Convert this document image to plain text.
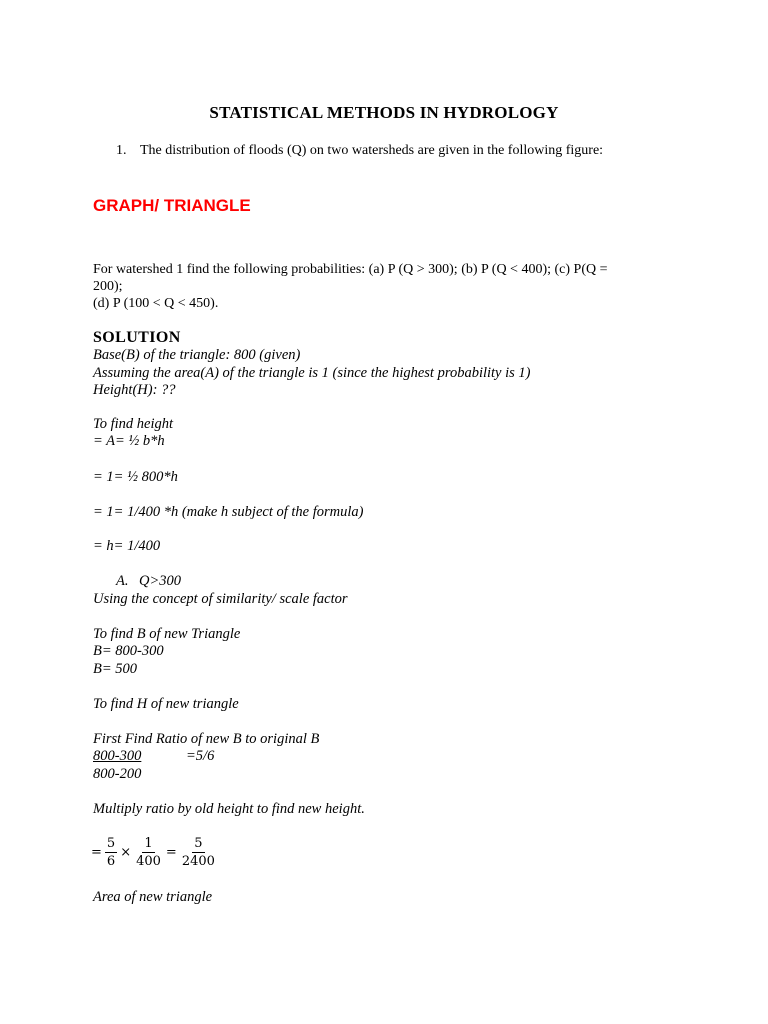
STATISTICAL METHODS IN HYDROLOGY
1. The distribution of floods (Q) on two watersheds are given in the following figure:
GRAPH/ TRIANGLE
For watershed 1 find the following probabilities: (a) P (Q > 300); (b) P (Q < 400); (c) P(Q =
200);
(d) P (100 < Q < 450).
SOLUTION
Base(B) of the triangle: 800 (given)
Assuming the area(A) of the triangle is 1 (since the highest probability is 1)
Height(H): ??
To find height
= A= ½ b*h
= 1= ½ 800*h
= 1= 1/400 *h (make h subject of the formula)
= h= 1/400
A. Q>300
Using the concept of similarity/ scale factor
To find B of new Triangle
B= 800-300
B= 500
To find H of new triangle
First Find Ratio of new B to original B
800-300	=5/6
800-200
Multiply ratio by old height to find new height.
= $\frac{5}{6} \times \frac{1}{400} = \frac{5}{2400}$
Area of new triangle
